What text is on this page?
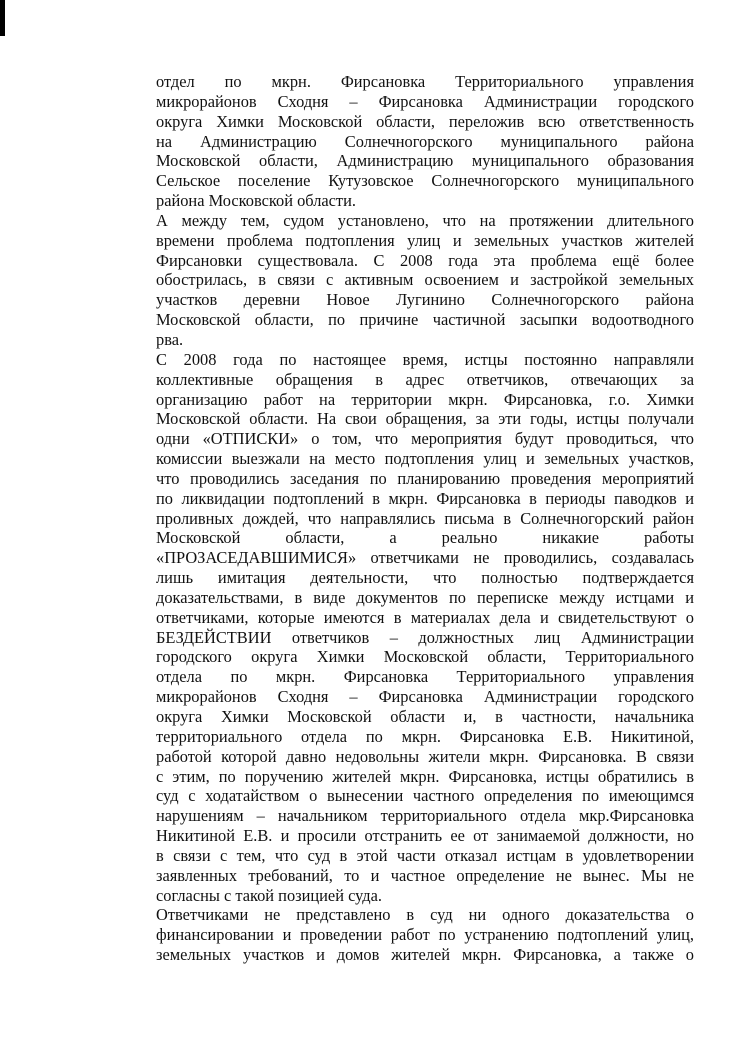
отдел по мкрн. Фирсановка Территориального управления
микрорайонов Сходня – Фирсановка Администрации городского
округа Химки Московской области, переложив всю ответственность
на Администрацию Солнечногорского муниципального района
Московской области, Администрацию муниципального образования
Сельское поселение Кутузовское Солнечногорского муниципального
района Московской области.

А между тем, судом установлено, что на протяжении длительного
времени проблема подтопления улиц и земельных участков жителей
Фирсановки существовала. С 2008 года эта проблема ещё более
обострилась, в связи с активным освоением и застройкой земельных
участков деревни Новое Лугинино Солнечногорского района
Московской области, по причине частичной засыпки водоотводного
рва.

С 2008 года по настоящее время, истцы постоянно направляли
коллективные обращения в адрес ответчиков, отвечающих за
организацию работ на территории мкрн. Фирсановка, г.о. Химки
Московской области. На свои обращения, за эти годы, истцы получали
одни «ОТПИСКИ» о том, что мероприятия будут проводиться, что
комиссии выезжали на место подтопления улиц и земельных участков,
что проводились заседания по планированию проведения мероприятий
по ликвидации подтоплений в мкрн. Фирсановка в периоды паводков и
проливных дождей, что направлялись письма в Солнечногорский район
Московской области, а реально никакие работы
«ПРОЗАСЕДАВШИМИСЯ» ответчиками не проводились, создавалась
лишь имитация деятельности, что полностью подтверждается
доказательствами, в виде документов по переписке между истцами и
ответчиками, которые имеются в материалах дела и свидетельствуют о
БЕЗДЕЙСТВИИ ответчиков – должностных лиц Администрации
городского округа Химки Московской области, Территориального
отдела по мкрн. Фирсановка Территориального управления
микрорайонов Сходня – Фирсановка Администрации городского
округа Химки Московской области и, в частности, начальника
территориального отдела по мкрн. Фирсановка Е.В. Никитиной,
работой которой давно недовольны жители мкрн. Фирсановка. В связи
с этим, по поручению жителей мкрн. Фирсановка, истцы обратились в
суд с ходатайством о вынесении частного определения по имеющимся
нарушениям – начальником территориального отдела мкр.Фирсановка
Никитиной Е.В. и просили отстранить ее от занимаемой должности, но
в связи с тем, что суд в этой части отказал истцам в удовлетворении
заявленных требований, то и частное определение не вынес. Мы не
согласны с такой позицией суда.

Ответчиками не представлено в суд ни одного доказательства о
финансировании и проведении работ по устранению подтоплений улиц,
земельных участков и домов жителей мкрн. Фирсановка, а также о
